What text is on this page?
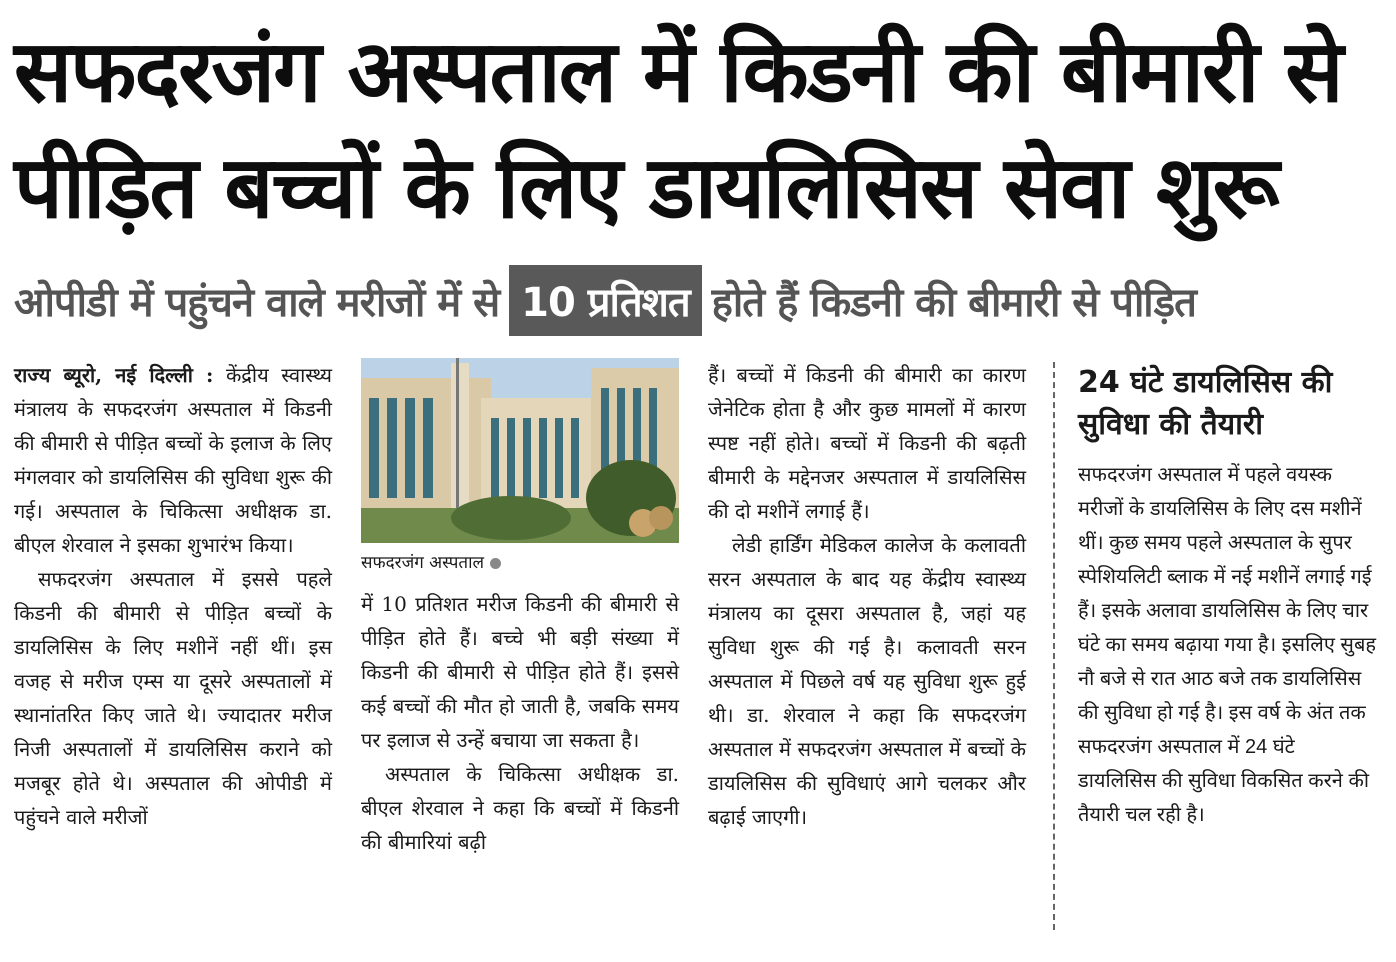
सफदरजंग अस्पताल में किडनी की बीमारी से
पीड़ित बच्चों के लिए डायलिसिस सेवा शुरू
ओपीडी में पहुंचने वाले मरीजों में से 10 प्रतिशत होते हैं किडनी की बीमारी से पीड़ित

राज्य ब्यूरो, नई दिल्ली : केंद्रीय स्वास्थ्य मंत्रालय के सफदरजंग अस्पताल में किडनी की बीमारी से पीड़ित बच्चों के इलाज के लिए मंगलवार को डायलिसिस की सुविधा शुरू की गई। अस्पताल के चिकित्सा अधीक्षक डा. बीएल शेरवाल ने इसका शुभारंभ किया।

सफदरजंग अस्पताल में इससे पहले किडनी की बीमारी से पीड़ित बच्चों के डायलिसिस के लिए मशीनें नहीं थीं। इस वजह से मरीज एम्स या दूसरे अस्पतालों में स्थानांतरित किए जाते थे। ज्यादातर मरीज निजी अस्पतालों में डायलिसिस कराने को मजबूर होते थे। अस्पताल की ओपीडी में पहुंचने वाले मरीजों

सफदरजंग अस्पताल

में 10 प्रतिशत मरीज किडनी की बीमारी से पीड़ित होते हैं। बच्चे भी बड़ी संख्या में किडनी की बीमारी से पीड़ित होते हैं। इससे कई बच्चों की मौत हो जाती है, जबकि समय पर इलाज से उन्हें बचाया जा सकता है।

अस्पताल के चिकित्सा अधीक्षक डा. बीएल शेरवाल ने कहा कि बच्चों में किडनी की बीमारियां बढ़ी

हैं। बच्चों में किडनी की बीमारी का कारण जेनेटिक होता है और कुछ मामलों में कारण स्पष्ट नहीं होते। बच्चों में किडनी की बढ़ती बीमारी के मद्देनजर अस्पताल में डायलिसिस की दो मशीनें लगाई हैं।

लेडी हार्डिंग मेडिकल कालेज के कलावती सरन अस्पताल के बाद यह केंद्रीय स्वास्थ्य मंत्रालय का दूसरा अस्पताल है, जहां यह सुविधा शुरू की गई है। कलावती सरन अस्पताल में पिछले वर्ष यह सुविधा शुरू हुई थी। डा. शेरवाल ने कहा कि सफदरजंग अस्पताल में सफदरजंग अस्पताल में बच्चों के डायलिसिस की सुविधाएं आगे चलकर और बढ़ाई जाएगी।

24 घंटे डायलिसिस की सुविधा की तैयारी

सफदरजंग अस्पताल में पहले वयस्क मरीजों के डायलिसिस के लिए दस मशीनें थीं। कुछ समय पहले अस्पताल के सुपर स्पेशियलिटी ब्लाक में नई मशीनें लगाई गई हैं। इसके अलावा डायलिसिस के लिए चार घंटे का समय बढ़ाया गया है। इसलिए सुबह नौ बजे से रात आठ बजे तक डायलिसिस की सुविधा हो गई है। इस वर्ष के अंत तक सफदरजंग अस्पताल में 24 घंटे डायलिसिस की सुविधा विकसित करने की तैयारी चल रही है।
